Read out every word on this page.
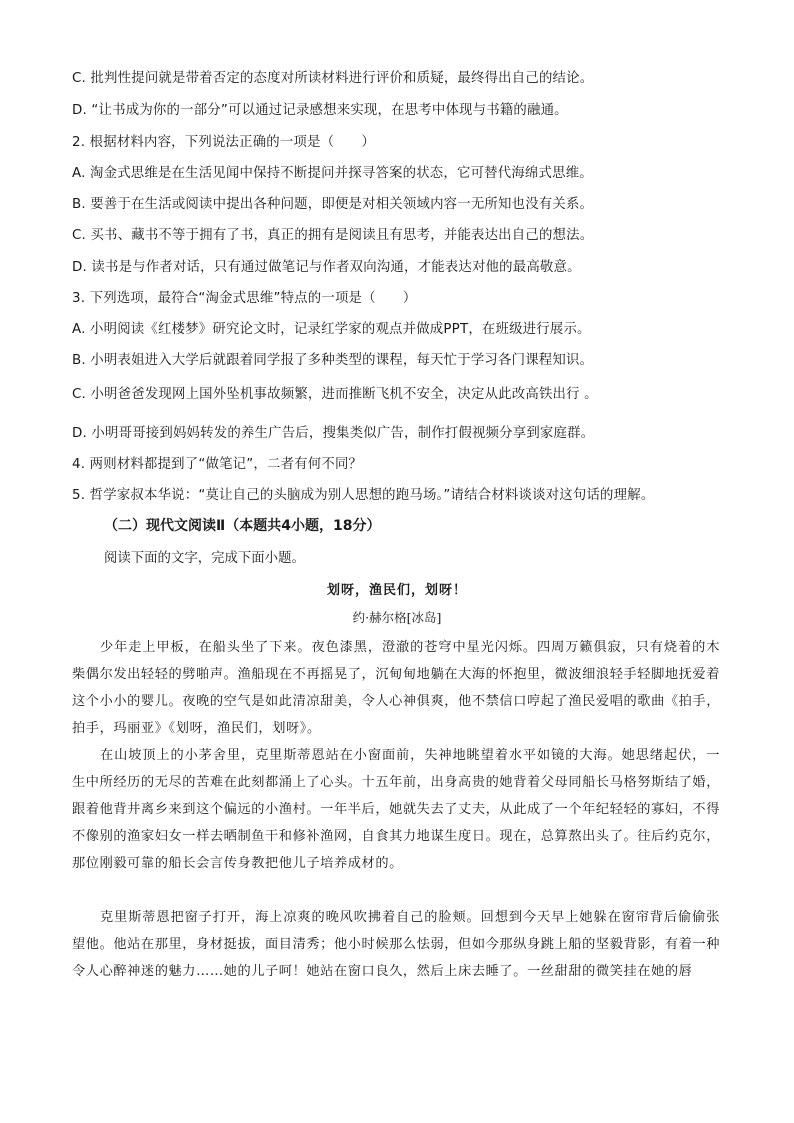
C. 批判性提问就是带着否定的态度对所读材料进行评价和质疑，最终得出自己的结论。
D. “让书成为你的一部分”可以通过记录感想来实现，在思考中体现与书籍的融通。
2. 根据材料内容，下列说法正确的一项是（　　）
A. 淘金式思维是在生活见闻中保持不断提问并探寻答案的状态，它可替代海绵式思维。
B. 要善于在生活或阅读中提出各种问题，即便是对相关领域内容一无所知也没有关系。
C. 买书、藏书不等于拥有了书，真正的拥有是阅读且有思考，并能表达出自己的想法。
D. 读书是与作者对话，只有通过做笔记与作者双向沟通，才能表达对他的最高敬意。
3. 下列选项，最符合“淘金式思维”特点的一项是（　　）
A. 小明阅读《红楼梦》研究论文时，记录红学家的观点并做成PPT，在班级进行展示。
B. 小明表姐进入大学后就跟着同学报了多种类型的课程，每天忙于学习各门课程知识。
C. 小明爸爸发现网上国外坠机事故频繁，进而推断飞机不安全，决定从此改高铁出行 。
D. 小明哥哥接到妈妈转发的养生广告后，搜集类似广告，制作打假视频分享到家庭群。
4. 两则材料都提到了“做笔记”，二者有何不同？
5. 哲学家叔本华说：“莫让自己的头脑成为别人思想的跑马场。”请结合材料谈谈对这句话的理解。
（二）现代文阅读Ⅱ（本题共4小题，18分）
阅读下面的文字，完成下面小题。
划呀，渔民们，划呀！
约·赫尔格[冰岛]

少年走上甲板，在船头坐了下来。夜色漆黑，澄澈的苍穹中星光闪烁。四周万籁俱寂，只有烧着的木柴偶尔发出轻轻的劈啪声。渔船现在不再摇晃了，沉甸甸地躺在大海的怀抱里，微波细浪轻手轻脚地抚爱着这个小小的婴儿。夜晚的空气是如此清凉甜美，令人心神俱爽，他不禁信口哼起了渔民爱唱的歌曲《拍手，拍手，玛丽亚》《划呀，渔民们，划呀》。

在山坡顶上的小茅舍里，克里斯蒂恩站在小窗面前，失神地眺望着水平如镜的大海。她思绪起伏，一生中所经历的无尽的苦难在此刻都涌上了心头。十五年前，出身高贵的她背着父母同船长马格努斯结了婚，跟着他背井离乡来到这个偏远的小渔村。一年半后，她就失去了丈夫，从此成了一个年纪轻轻的寡妇，不得不像别的渔家妇女一样去晒制鱼干和修补渔网，自食其力地谋生度日。现在，总算熬出头了。往后约克尔，那位刚毅可靠的船长会言传身教把他儿子培养成材的。

克里斯蒂恩把窗子打开，海上凉爽的晚风吹拂着自己的脸颊。回想到今天早上她躲在窗帘背后偷偷张望他。他站在那里，身材挺拔，面目清秀；他小时候那么怯弱，但如今那纵身跳上船的坚毅背影，有着一种令人心醉神迷的魅力……她的儿子呵！她站在窗口良久，然后上床去睡了。一丝甜甜的微笑挂在她的唇
